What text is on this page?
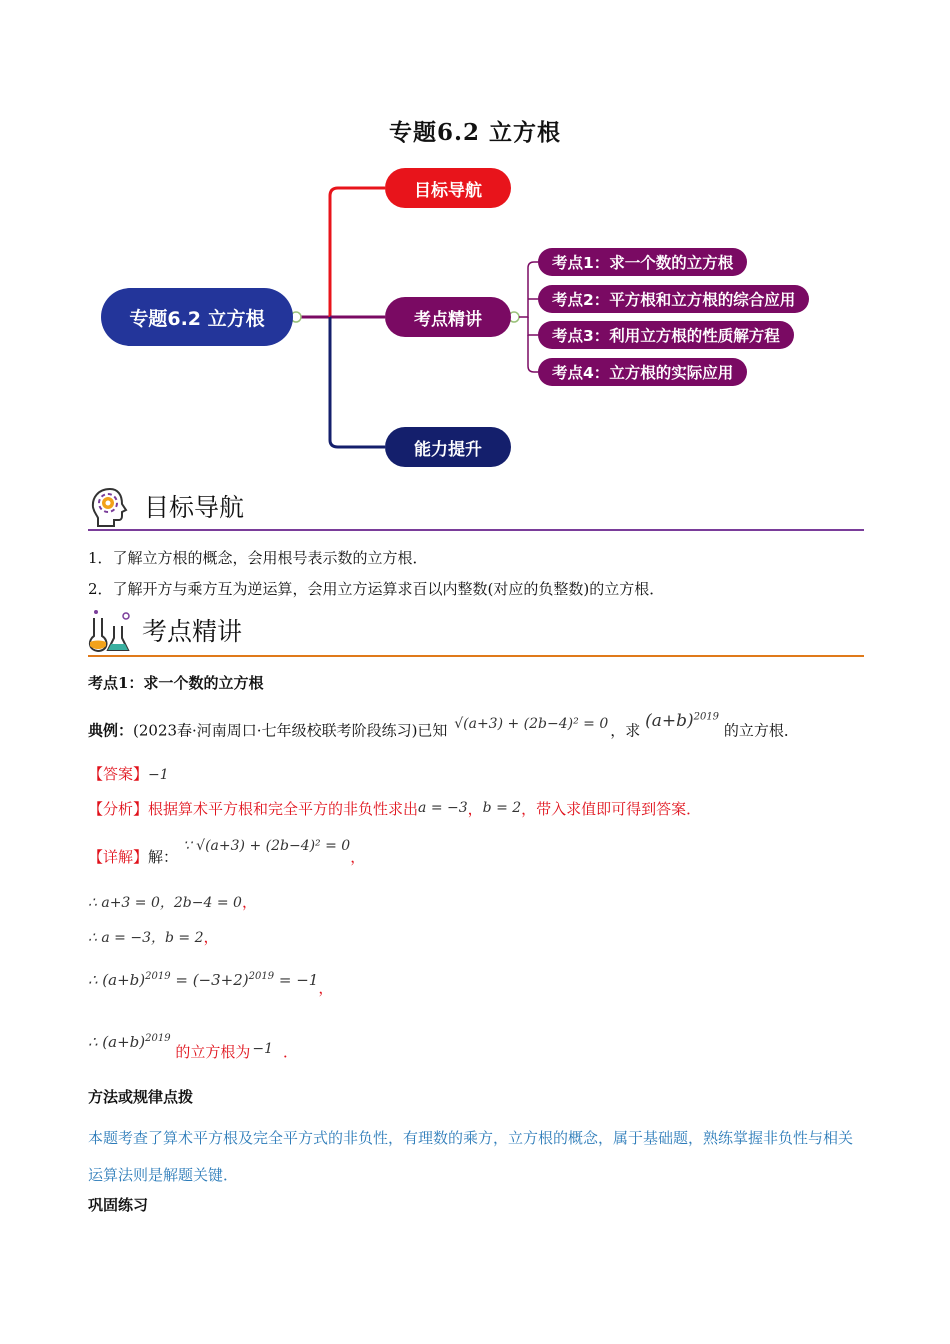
专题6.2 立方根
专题6.2 立方根
目标导航
考点精讲
能力提升
考点1：求一个数的立方根
考点2：平方根和立方根的综合应用
考点3：利用立方根的性质解方程
考点4：立方根的实际应用
目标导航
1．了解立方根的概念，会用根号表示数的立方根．
2．了解开方与乘方互为逆运算，会用立方运算求百以内整数(对应的负整数)的立方根．
考点精讲
考点1：求一个数的立方根
典例：(2023春·河南周口·七年级校联考阶段练习)已知 √(a+3) + (2b−4)² = 0 ，求 $(a+b)^{2019}$ 的立方根．
【答案】−1
【分析】根据算术平方根和完全平方的非负性求出a = −3，b = 2，带入求值即可得到答案．
【详解】解： ∵ √(a+3) + (2b−4)² = 0，
∴ a+3 = 0，2b−4 = 0，
∴ a = −3，b = 2，
∴ $(a+b)^{2019} = (-3+2)^{2019} = -1$，
∴ $(a+b)^{2019}$ 的立方根为 −1 ．
方法或规律点拨
本题考查了算术平方根及完全平方式的非负性，有理数的乘方，立方根的概念，属于基础题，熟练掌握非负性与相关运算法则是解题关键．
巩固练习
